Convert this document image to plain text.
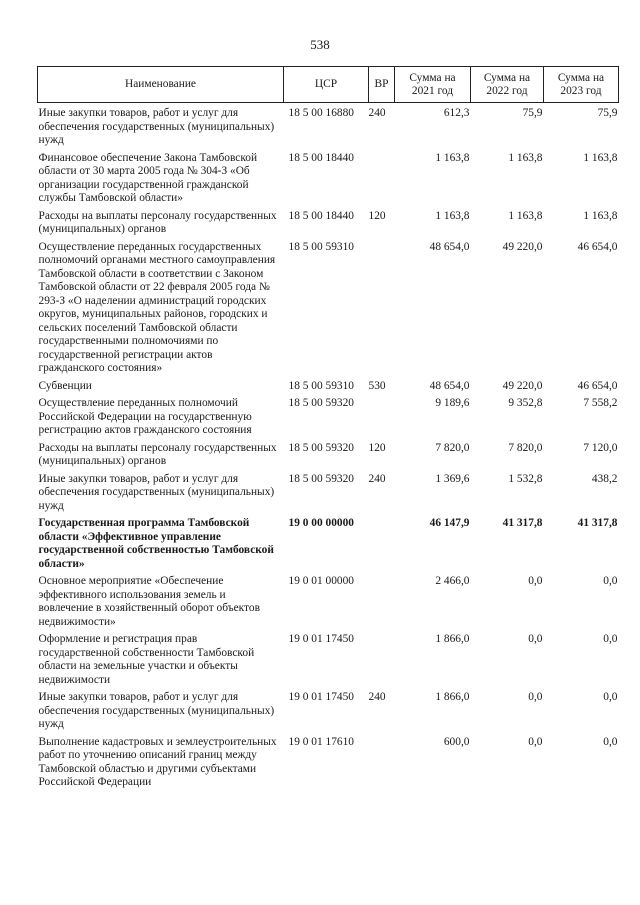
538
Наименование	ЦСР	ВР	Сумма на 2021 год	Сумма на 2022 год	Сумма на 2023 год
Иные закупки товаров, работ и услуг для обеспечения государственных (муниципальных) нужд	18 5 00 16880	240	612,3	75,9	75,9
Финансовое обеспечение Закона Тамбовской области от 30 марта 2005 года № 304-З «Об организации государственной гражданской службы Тамбовской области»	18 5 00 18440		1 163,8	1 163,8	1 163,8
Расходы на выплаты персоналу государственных (муниципальных) органов	18 5 00 18440	120	1 163,8	1 163,8	1 163,8
Осуществление переданных государственных полномочий органами местного самоуправления Тамбовской области в соответствии с Законом Тамбовской области от 22 февраля 2005 года № 293-З «О наделении администраций городских округов, муниципальных районов, городских и сельских поселений Тамбовской области государственными полномочиями по государственной регистрации актов гражданского состояния»	18 5 00 59310		48 654,0	49 220,0	46 654,0
Субвенции	18 5 00 59310	530	48 654,0	49 220,0	46 654,0
Осуществление переданных полномочий Российской Федерации на государственную регистрацию актов гражданского состояния	18 5 00 59320		9 189,6	9 352,8	7 558,2
Расходы на выплаты персоналу государственных (муниципальных) органов	18 5 00 59320	120	7 820,0	7 820,0	7 120,0
Иные закупки товаров, работ и услуг для обеспечения государственных (муниципальных) нужд	18 5 00 59320	240	1 369,6	1 532,8	438,2
Государственная программа Тамбовской области «Эффективное управление государственной собственностью Тамбовской области»	19 0 00 00000		46 147,9	41 317,8	41 317,8
Основное мероприятие «Обеспечение эффективного использования земель и вовлечение в хозяйственный оборот объектов недвижимости»	19 0 01 00000		2 466,0	0,0	0,0
Оформление и регистрация прав государственной собственности Тамбовской области на земельные участки и объекты недвижимости	19 0 01 17450		1 866,0	0,0	0,0
Иные закупки товаров, работ и услуг для обеспечения государственных (муниципальных) нужд	19 0 01 17450	240	1 866,0	0,0	0,0
Выполнение кадастровых и землеустроительных работ по уточнению описаний границ между Тамбовской областью и другими субъектами Российской Федерации	19 0 01 17610		600,0	0,0	0,0
